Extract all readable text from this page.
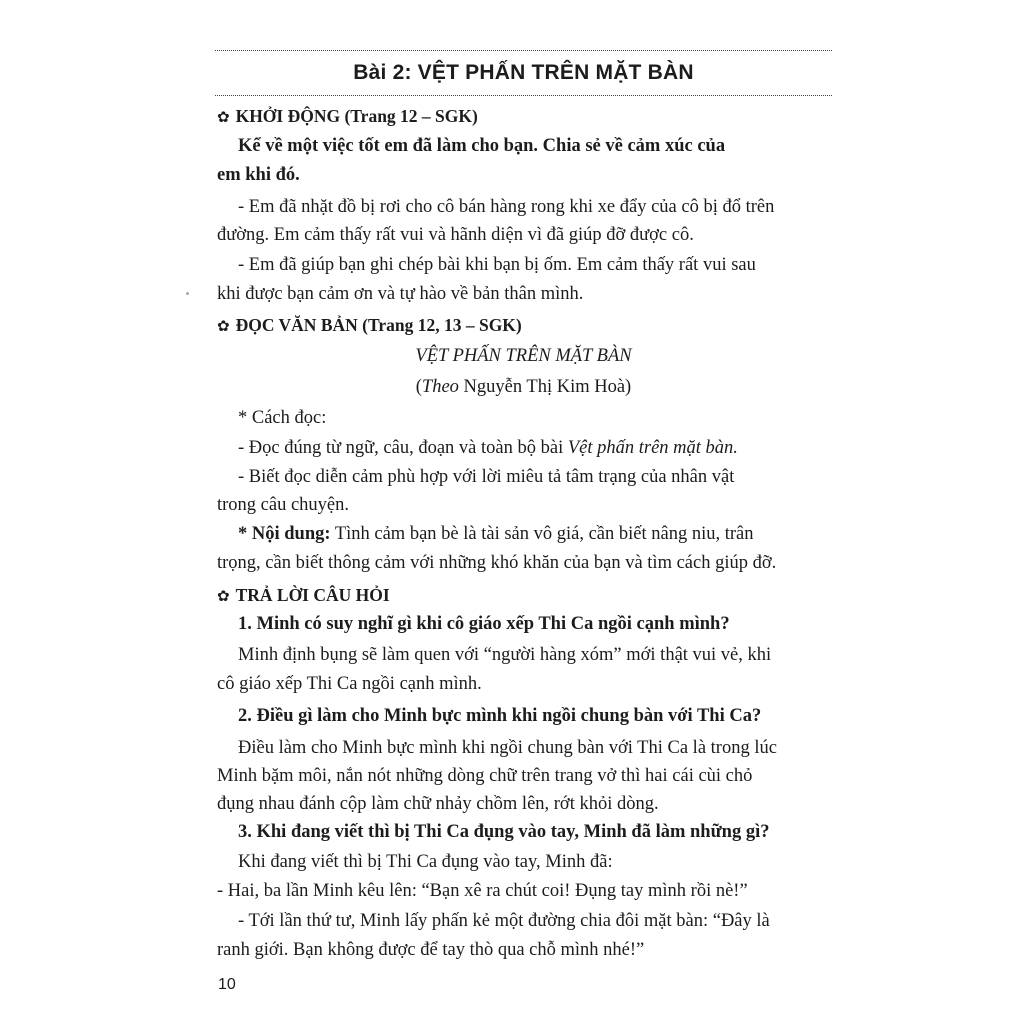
Bài 2: VỆT PHẤN TRÊN MẶT BÀN
✿ KHỞI ĐỘNG (Trang 12 – SGK)
Kể về một việc tốt em đã làm cho bạn. Chia sẻ về cảm xúc của
em khi đó.
- Em đã nhặt đồ bị rơi cho cô bán hàng rong khi xe đẩy của cô bị đổ trên
đường. Em cảm thấy rất vui và hãnh diện vì đã giúp đỡ được cô.
- Em đã giúp bạn ghi chép bài khi bạn bị ốm. Em cảm thấy rất vui sau
khi được bạn cảm ơn và tự hào về bản thân mình.
✿ ĐỌC VĂN BẢN (Trang 12, 13 – SGK)
VỆT PHẤN TRÊN MẶT BÀN
(Theo Nguyễn Thị Kim Hoà)
* Cách đọc:
- Đọc đúng từ ngữ, câu, đoạn và toàn bộ bài Vệt phấn trên mặt bàn.
- Biết đọc diễn cảm phù hợp với lời miêu tả tâm trạng của nhân vật
trong câu chuyện.
* Nội dung: Tình cảm bạn bè là tài sản vô giá, cần biết nâng niu, trân
trọng, cần biết thông cảm với những khó khăn của bạn và tìm cách giúp đỡ.
✿ TRẢ LỜI CÂU HỎI
1. Minh có suy nghĩ gì khi cô giáo xếp Thi Ca ngồi cạnh mình?
Minh định bụng sẽ làm quen với “người hàng xóm” mới thật vui vẻ, khi
cô giáo xếp Thi Ca ngồi cạnh mình.
2. Điều gì làm cho Minh bực mình khi ngồi chung bàn với Thi Ca?
Điều làm cho Minh bực mình khi ngồi chung bàn với Thi Ca là trong lúc
Minh bặm môi, nắn nót những dòng chữ trên trang vở thì hai cái cùi chỏ
đụng nhau đánh cộp làm chữ nhảy chồm lên, rớt khỏi dòng.
3. Khi đang viết thì bị Thi Ca đụng vào tay, Minh đã làm những gì?
Khi đang viết thì bị Thi Ca đụng vào tay, Minh đã:
- Hai, ba lần Minh kêu lên: “Bạn xê ra chút coi! Đụng tay mình rồi nè!”
- Tới lần thứ tư, Minh lấy phấn kẻ một đường chia đôi mặt bàn: “Đây là
ranh giới. Bạn không được để tay thò qua chỗ mình nhé!”
10
